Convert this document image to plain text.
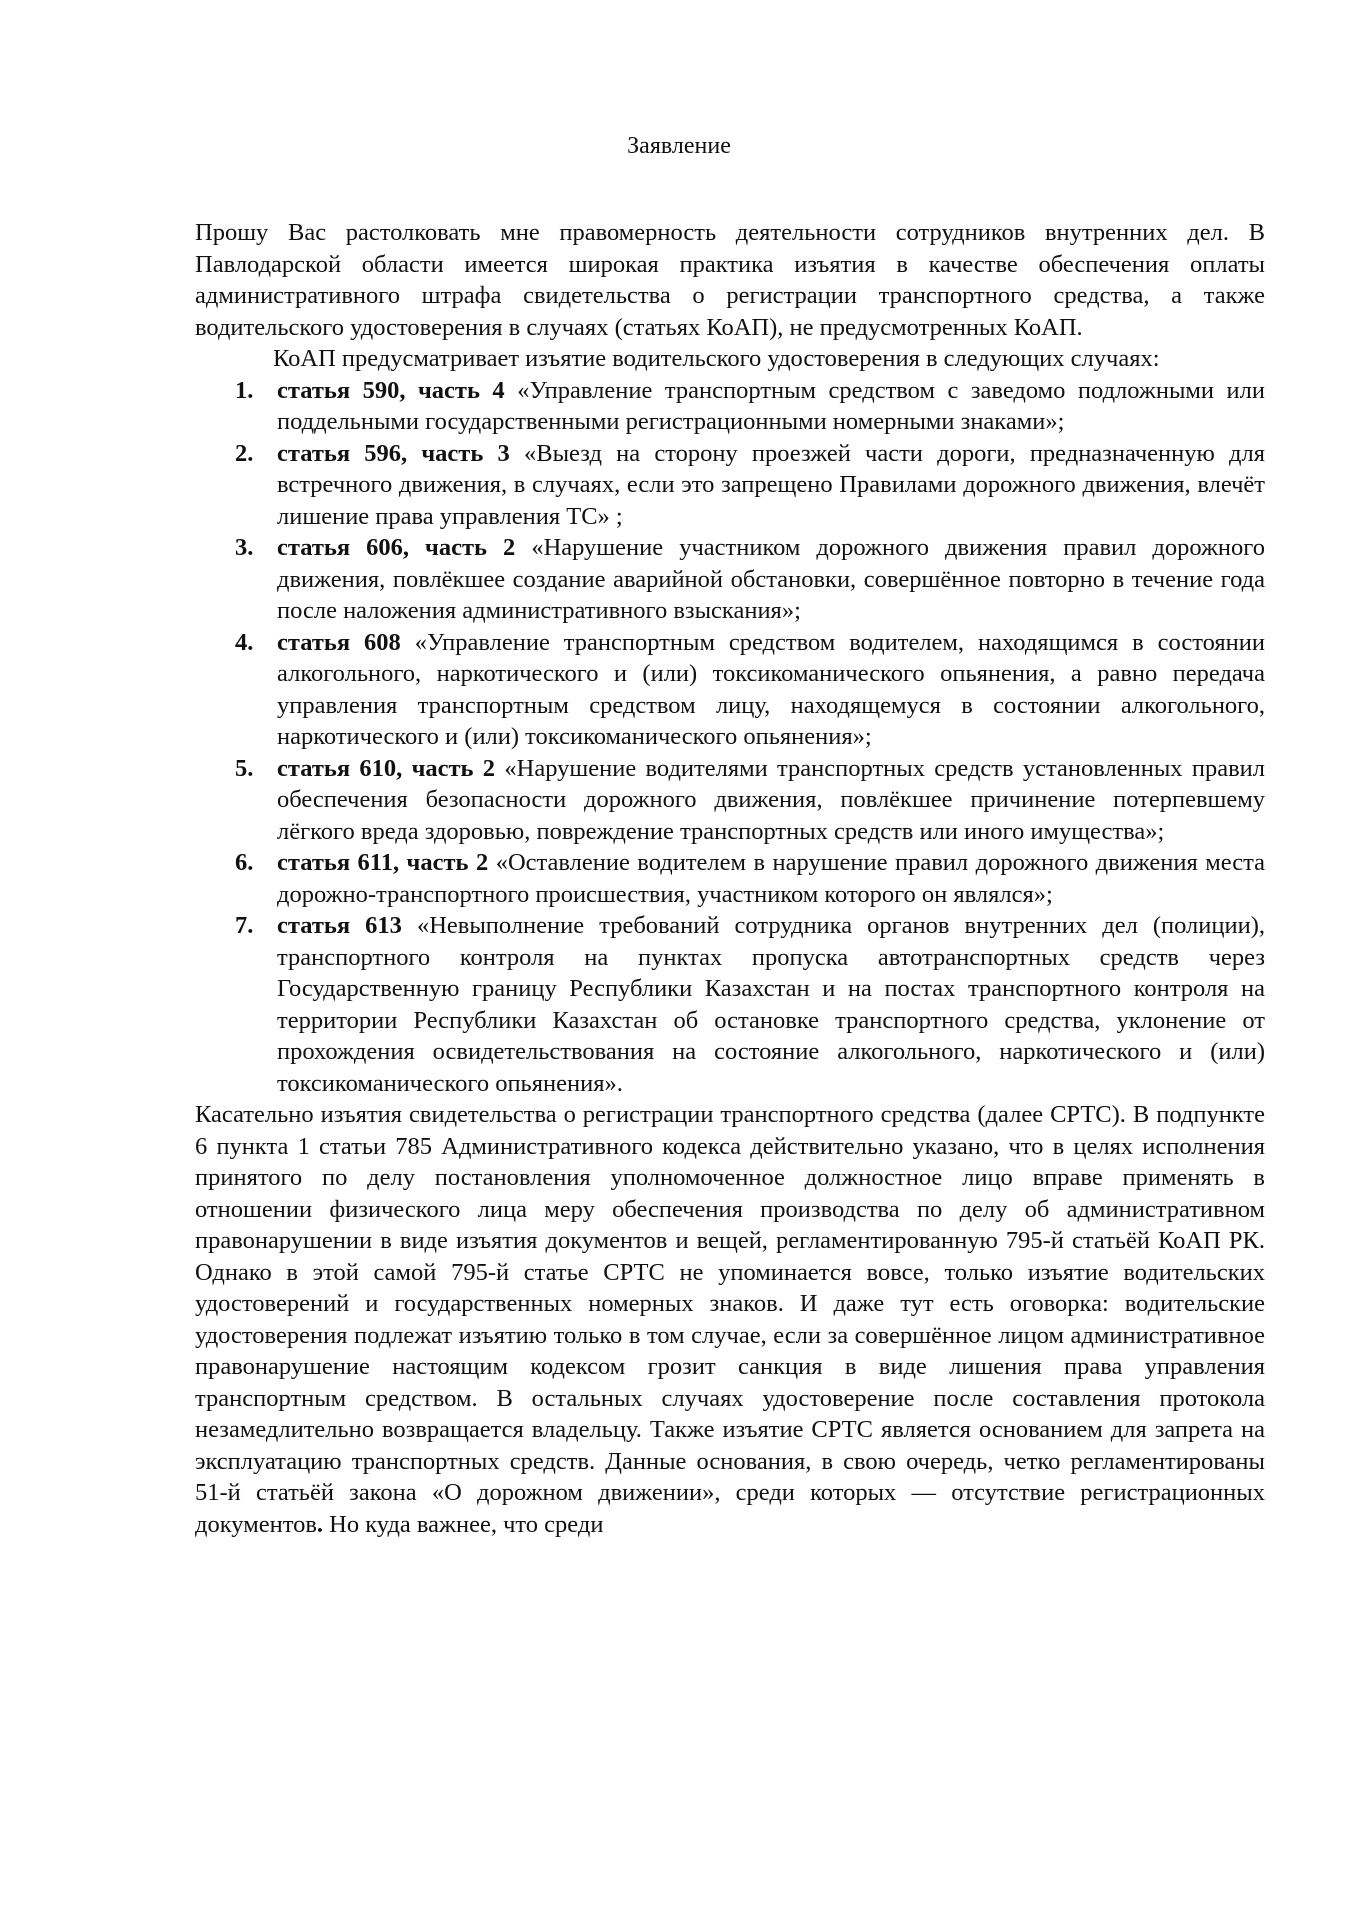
Заявление

Прошу Вас растолковать мне правомерность деятельности сотрудников внутренних дел. В Павлодарской области имеется широкая практика изъятия в качестве обеспечения оплаты административного штрафа свидетельства о регистрации транспортного средства, а также водительского удостоверения в случаях (статьях КоАП), не предусмотренных КоАП.

КоАП предусматривает изъятие водительского удостоверения в следующих случаях:

1. статья 590, часть 4 «Управление транспортным средством с заведомо подложными или поддельными государственными регистрационными номерными знаками»;
2. статья 596, часть 3 «Выезд на сторону проезжей части дороги, предназначенную для встречного движения, в случаях, если это запрещено Правилами дорожного движения, влечёт лишение права управления ТС» ;
3. статья 606, часть 2 «Нарушение участником дорожного движения правил дорожного движения, повлёкшее создание аварийной обстановки, совершённое повторно в течение года после наложения административного взыскания»;
4. статья 608 «Управление транспортным средством водителем, находящимся в состоянии алкогольного, наркотического и (или) токсикоманического опьянения, а равно передача управления транспортным средством лицу, находящемуся в состоянии алкогольного, наркотического и (или) токсикоманического опьянения»;
5. статья 610, часть 2 «Нарушение водителями транспортных средств установленных правил обеспечения безопасности дорожного движения, повлёкшее причинение потерпевшему лёгкого вреда здоровью, повреждение транспортных средств или иного имущества»;
6. статья 611, часть 2 «Оставление водителем в нарушение правил дорожного движения места дорожно-транспортного происшествия, участником которого он являлся»;
7. статья 613 «Невыполнение требований сотрудника органов внутренних дел (полиции), транспортного контроля на пунктах пропуска автотранспортных средств через Государственную границу Республики Казахстан и на постах транспортного контроля на территории Республики Казахстан об остановке транспортного средства, уклонение от прохождения освидетельствования на состояние алкогольного, наркотического и (или) токсикоманического опьянения».

Касательно изъятия свидетельства о регистрации транспортного средства (далее СРТС). В подпункте 6 пункта 1 статьи 785 Административного кодекса действительно указано, что в целях исполнения принятого по делу постановления уполномоченное должностное лицо вправе применять в отношении физического лица меру обеспечения производства по делу об административном правонарушении в виде изъятия документов и вещей, регламентированную 795-й статьёй КоАП РК. Однако в этой самой 795-й статье СРТС не упоминается вовсе, только изъятие водительских удостоверений и государственных номерных знаков. И даже тут есть оговорка: водительские удостоверения подлежат изъятию только в том случае, если за совершённое лицом административное правонарушение настоящим кодексом грозит санкция в виде лишения права управления транспортным средством. В остальных случаях удостоверение после составления протокола незамедлительно возвращается владельцу. Также изъятие СРТС является основанием для запрета на эксплуатацию транспортных средств. Данные основания, в свою очередь, четко регламентированы 51-й статьёй закона «О дорожном движении», среди которых — отсутствие регистрационных документов. Но куда важнее, что среди
